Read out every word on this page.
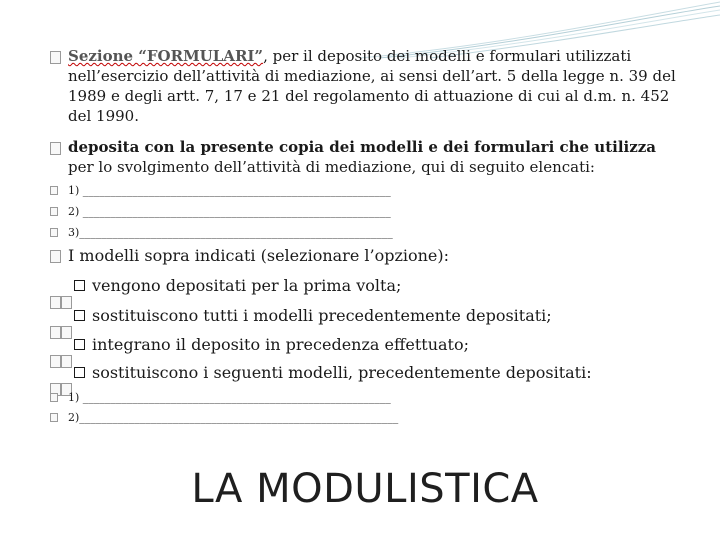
Sezione “FORMULARI”, per il deposito dei modelli e formulari utilizzati nell’esercizio dell’attività di mediazione, ai sensi dell’art. 5 della legge n. 39 del 1989 e degli artt. 7, 17 e 21 del regolamento di attuazione di cui al d.m. n. 452 del 1990.
deposita con la presente copia dei modelli e dei formulari che utilizza per lo svolgimento dell’attività di mediazione, qui di seguito elencati:
1) ________________________________________________________
2) ________________________________________________________
3)_________________________________________________________
I modelli sopra indicati (selezionare l’opzione):
vengono depositati per la prima volta;
sostituiscono tutti i modelli precedentemente depositati;
integrano il deposito in precedenza effettuato;
sostituiscono i seguenti modelli, precedentemente depositati:
1) ________________________________________________________
2)__________________________________________________________
LA MODULISTICA
